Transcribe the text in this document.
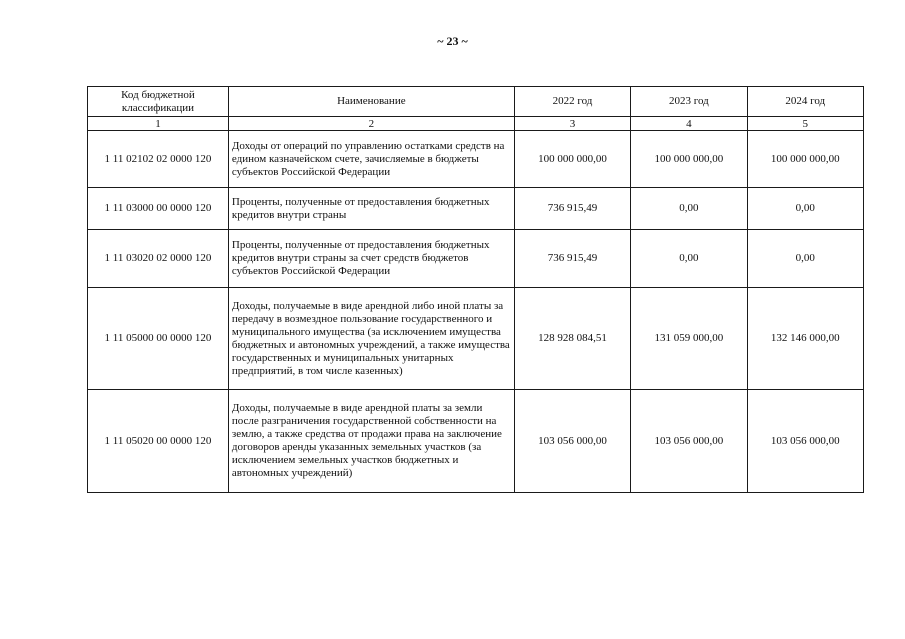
~ 23 ~
Код бюджетной классификации	Наименование	2022 год	2023 год	2024 год
1	2	3	4	5
1 11 02102 02 0000 120	Доходы от операций по управлению остатками средств на едином казначейском счете, зачисляемые в бюджеты субъектов Российской Федерации	100 000 000,00	100 000 000,00	100 000 000,00
1 11 03000 00 0000 120	Проценты, полученные от предоставления бюджетных кредитов внутри страны	736 915,49	0,00	0,00
1 11 03020 02 0000 120	Проценты, полученные от предоставления бюджетных кредитов внутри страны за счет средств бюджетов субъектов Российской Федерации	736 915,49	0,00	0,00
1 11 05000 00 0000 120	Доходы, получаемые в виде арендной либо иной платы за передачу в возмездное пользование государственного и муниципального имущества (за исключением имущества бюджетных и автономных учреждений, а также имущества государственных и муниципальных унитарных предприятий, в том числе казенных)	128 928 084,51	131 059 000,00	132 146 000,00
1 11 05020 00 0000 120	Доходы, получаемые в виде арендной платы за земли после разграничения государственной собственности на землю, а также средства от продажи права на заключение договоров аренды указанных земельных участков (за исключением земельных участков бюджетных и автономных учреждений)	103 056 000,00	103 056 000,00	103 056 000,00
